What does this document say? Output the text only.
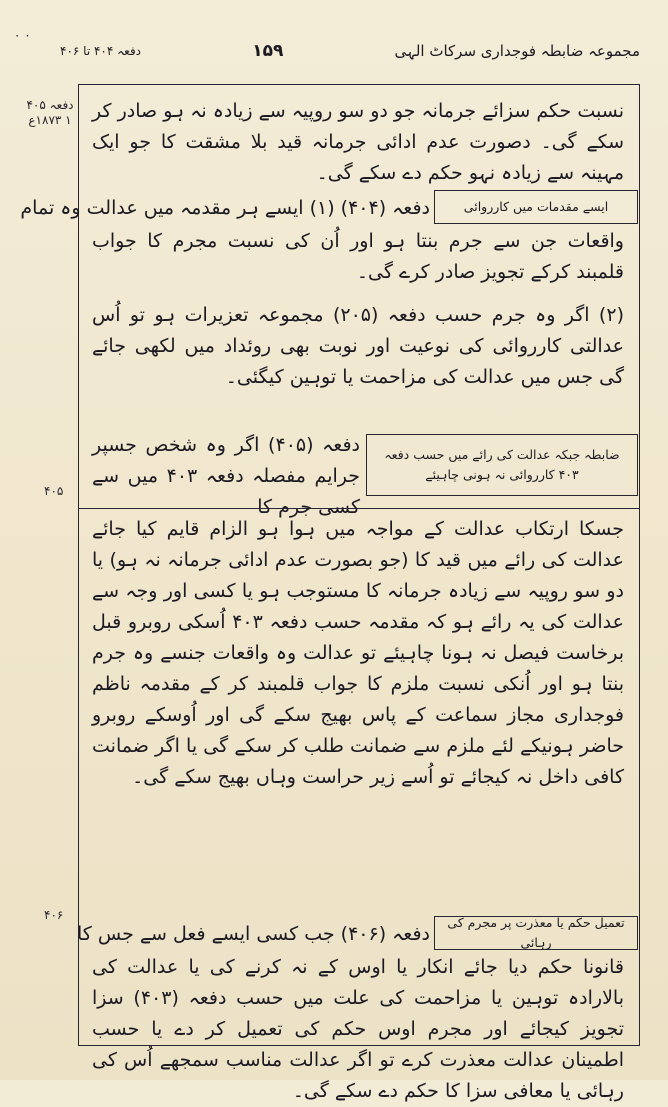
۰ ۰
مجموعہ ضابطہ فوجداری سرکاٹ الہی
۱۵۹
دفعہ ۴۰۴ تا ۴۰۶
دفعہ ۴۰۵ ۱ ۱۸۷۳ع
۴۰۵
۴۰۶
نسبت حکم سزائے جرمانہ جو دو سو روپیہ سے زیادہ نہ ہو صادر کر سکے گی۔ دصورت عدم ادائی جرمانہ قید بلا مشقت کا جو ایک مہینہ سے زیادہ نہو حکم دے سکے گی۔
ایسے مقدمات میں کارروائی
دفعہ (۴۰۴) (۱) ایسے ہر مقدمہ میں عدالت وہ تمام
واقعات جن سے جرم بنتا ہو اور اُن کی نسبت مجرم کا جواب قلمبند کرکے تجویز صادر کرے گی۔
(۲) اگر وہ جرم حسب دفعہ (۲۰۵) مجموعہ تعزیرات ہو تو اُس عدالتی کارروائی کی نوعیت اور نوبت بھی روئداد میں لکھی جائے گی جس میں عدالت کی مزاحمت یا توہین کیگئی۔
ضابطہ جبکہ عدالت کی رائے میں حسب دفعہ ۴۰۳ کارروائی نہ ہونی چاہیئے
دفعہ (۴۰۵) اگر وہ شخص جسپر جرایم مفصلہ دفعہ ۴۰۳ میں سے کسی جرم کا
جسکا ارتکاب عدالت کے مواجہ میں ہوا ہو الزام قایم کیا جائے عدالت کی رائے میں قید کا (جو بصورت عدم ادائی جرمانہ نہ ہو) یا دو سو روپیہ سے زیادہ جرمانہ کا مستوجب ہو یا کسی اور وجہ سے عدالت کی یہ رائے ہو کہ مقدمہ حسب دفعہ ۴۰۳ اُسکی روبرو قبل برخاست فیصل نہ ہونا چاہیئے تو عدالت وہ واقعات جنسے وہ جرم بنتا ہو اور اُنکی نسبت ملزم کا جواب قلمبند کر کے مقدمہ ناظم فوجداری مجاز سماعت کے پاس بھیج سکے گی اور اُوسکے روبرو حاضر ہونیکے لئے ملزم سے ضمانت طلب کر سکے گی یا اگر ضمانت کافی داخل نہ کیجائے تو اُسے زیر حراست وہاں بھیج سکے گی۔
تعمیل حکم یا معذرت پر مجرم کی رہائی
دفعہ (۴۰۶) جب کسی ایسے فعل سے جس کا
قانونا حکم دیا جائے انکار یا اوس کے نہ کرنے کی یا عدالت کی بالارادہ توہین یا مزاحمت کی علت میں حسب دفعہ (۴۰۳) سزا تجویز کیجائے اور مجرم اوس حکم کی تعمیل کر دے یا حسب اطمینان عدالت معذرت کرے تو اگر عدالت مناسب سمجھے اُس کی رہائی یا معافی سزا کا حکم دے سکے گی۔
